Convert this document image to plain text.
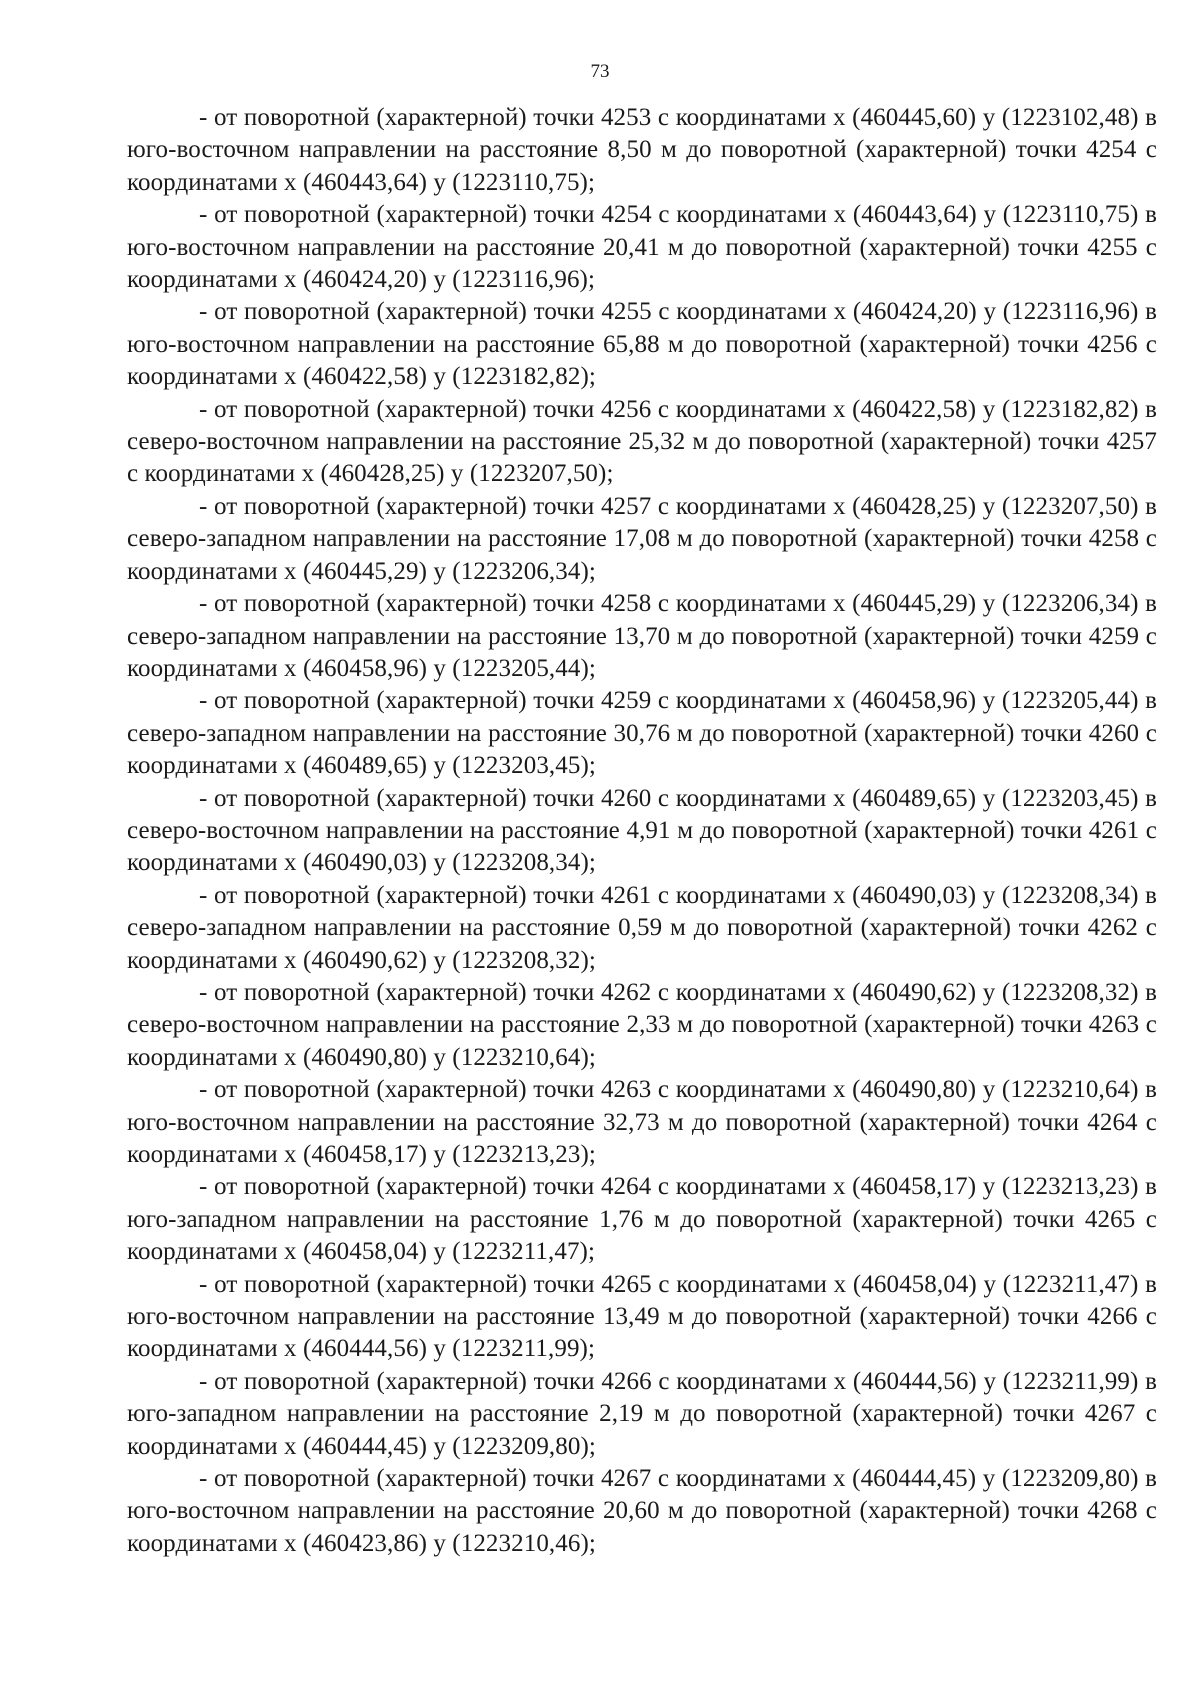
73

- от поворотной (характерной) точки 4253 с координатами x (460445,60) у (1223102,48) в юго-восточном направлении на расстояние 8,50 м до поворотной (характерной) точки 4254 с координатами x (460443,64) у (1223110,75);

- от поворотной (характерной) точки 4254 с координатами x (460443,64) у (1223110,75) в юго-восточном направлении на расстояние 20,41 м до поворотной (характерной) точки 4255 с координатами x (460424,20) у (1223116,96);

- от поворотной (характерной) точки 4255 с координатами x (460424,20) у (1223116,96) в юго-восточном направлении на расстояние 65,88 м до поворотной (характерной) точки 4256 с координатами x (460422,58) у (1223182,82);

- от поворотной (характерной) точки 4256 с координатами x (460422,58) у (1223182,82) в северо-восточном направлении на расстояние 25,32 м до поворотной (характерной) точки 4257 с координатами x (460428,25) у (1223207,50);

- от поворотной (характерной) точки 4257 с координатами x (460428,25) у (1223207,50) в северо-западном направлении на расстояние 17,08 м до поворотной (характерной) точки 4258 с координатами x (460445,29) у (1223206,34);

- от поворотной (характерной) точки 4258 с координатами x (460445,29) у (1223206,34) в северо-западном направлении на расстояние 13,70 м до поворотной (характерной) точки 4259 с координатами x (460458,96) у (1223205,44);

- от поворотной (характерной) точки 4259 с координатами x (460458,96) у (1223205,44) в северо-западном направлении на расстояние 30,76 м до поворотной (характерной) точки 4260 с координатами x (460489,65) у (1223203,45);

- от поворотной (характерной) точки 4260 с координатами x (460489,65) у (1223203,45) в северо-восточном направлении на расстояние 4,91 м до поворотной (характерной) точки 4261 с координатами x (460490,03) у (1223208,34);

- от поворотной (характерной) точки 4261 с координатами x (460490,03) у (1223208,34) в северо-западном направлении на расстояние 0,59 м до поворотной (характерной) точки 4262 с координатами x (460490,62) у (1223208,32);

- от поворотной (характерной) точки 4262 с координатами x (460490,62) у (1223208,32) в северо-восточном направлении на расстояние 2,33 м до поворотной (характерной) точки 4263 с координатами x (460490,80) у (1223210,64);

- от поворотной (характерной) точки 4263 с координатами x (460490,80) у (1223210,64) в юго-восточном направлении на расстояние 32,73 м до поворотной (характерной) точки 4264 с координатами x (460458,17) у (1223213,23);

- от поворотной (характерной) точки 4264 с координатами x (460458,17) у (1223213,23) в юго-западном направлении на расстояние 1,76 м до поворотной (характерной) точки 4265 с координатами x (460458,04) у (1223211,47);

- от поворотной (характерной) точки 4265 с координатами x (460458,04) у (1223211,47) в юго-восточном направлении на расстояние 13,49 м до поворотной (характерной) точки 4266 с координатами x (460444,56) у (1223211,99);

- от поворотной (характерной) точки 4266 с координатами x (460444,56) у (1223211,99) в юго-западном направлении на расстояние 2,19 м до поворотной (характерной) точки 4267 с координатами x (460444,45) у (1223209,80);

- от поворотной (характерной) точки 4267 с координатами x (460444,45) у (1223209,80) в юго-восточном направлении на расстояние 20,60 м до поворотной (характерной) точки 4268 с координатами x (460423,86) у (1223210,46);
